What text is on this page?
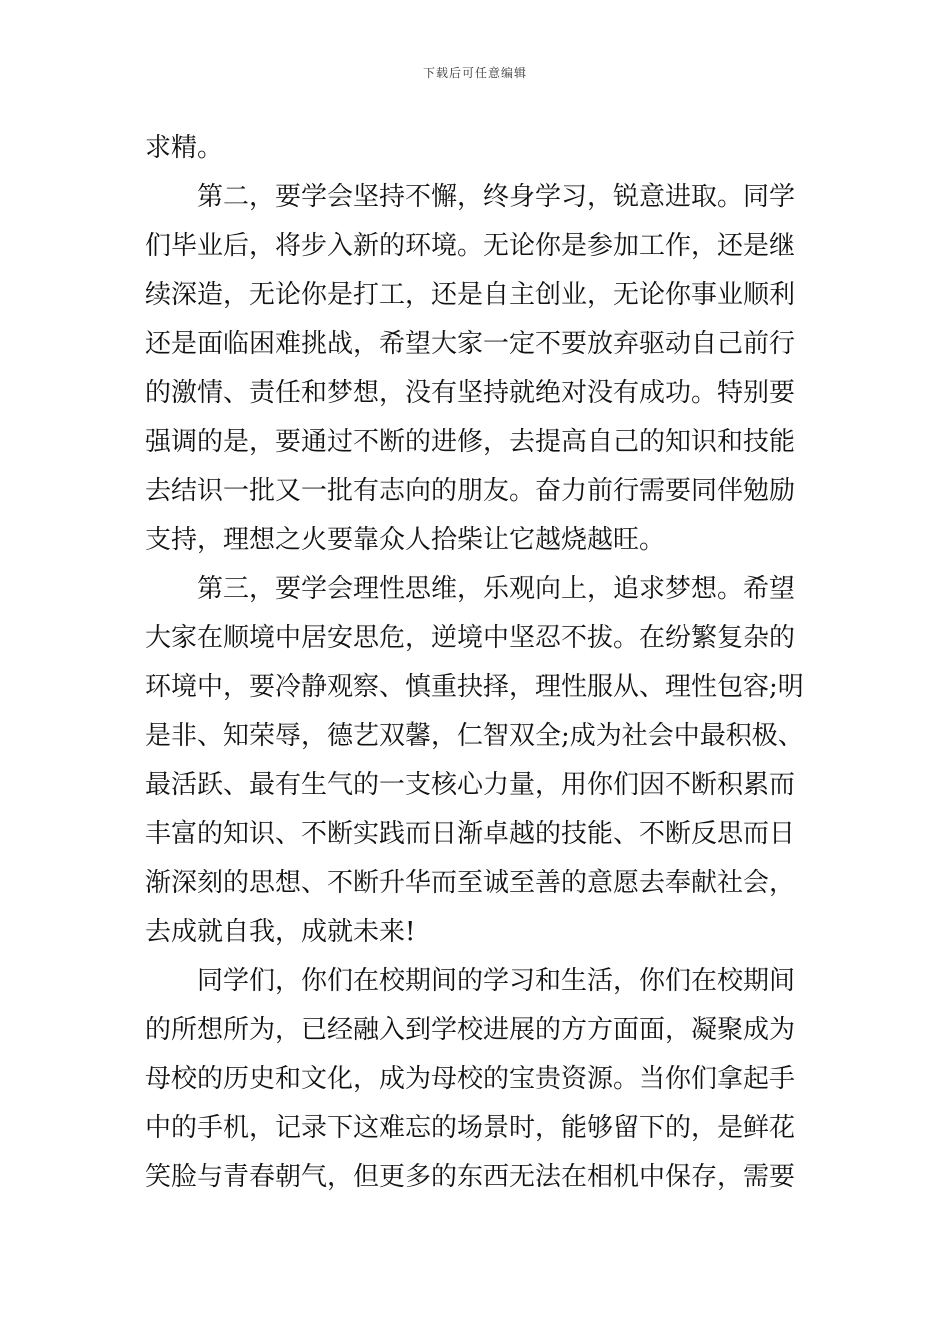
下载后可任意编辑
求精。
　　第二，要学会坚持不懈，终身学习，锐意进取。同学
们毕业后，将步入新的环境。无论你是参加工作，还是继
续深造，无论你是打工，还是自主创业，无论你事业顺利
还是面临困难挑战，希望大家一定不要放弃驱动自己前行
的激情、责任和梦想，没有坚持就绝对没有成功。特别要
强调的是，要通过不断的进修，去提高自己的知识和技能
去结识一批又一批有志向的朋友。奋力前行需要同伴勉励
支持，理想之火要靠众人拾柴让它越烧越旺。
　　第三，要学会理性思维，乐观向上，追求梦想。希望
大家在顺境中居安思危，逆境中坚忍不拔。在纷繁复杂的
环境中，要冷静观察、慎重抉择，理性服从、理性包容;明
是非、知荣辱，德艺双馨，仁智双全;成为社会中最积极、
最活跃、最有生气的一支核心力量，用你们因不断积累而
丰富的知识、不断实践而日渐卓越的技能、不断反思而日
渐深刻的思想、不断升华而至诚至善的意愿去奉献社会，
去成就自我，成就未来!
　　同学们，你们在校期间的学习和生活，你们在校期间
的所想所为，已经融入到学校进展的方方面面，凝聚成为
母校的历史和文化，成为母校的宝贵资源。当你们拿起手
中的手机，记录下这难忘的场景时，能够留下的，是鲜花
笑脸与青春朝气，但更多的东西无法在相机中保存，需要
